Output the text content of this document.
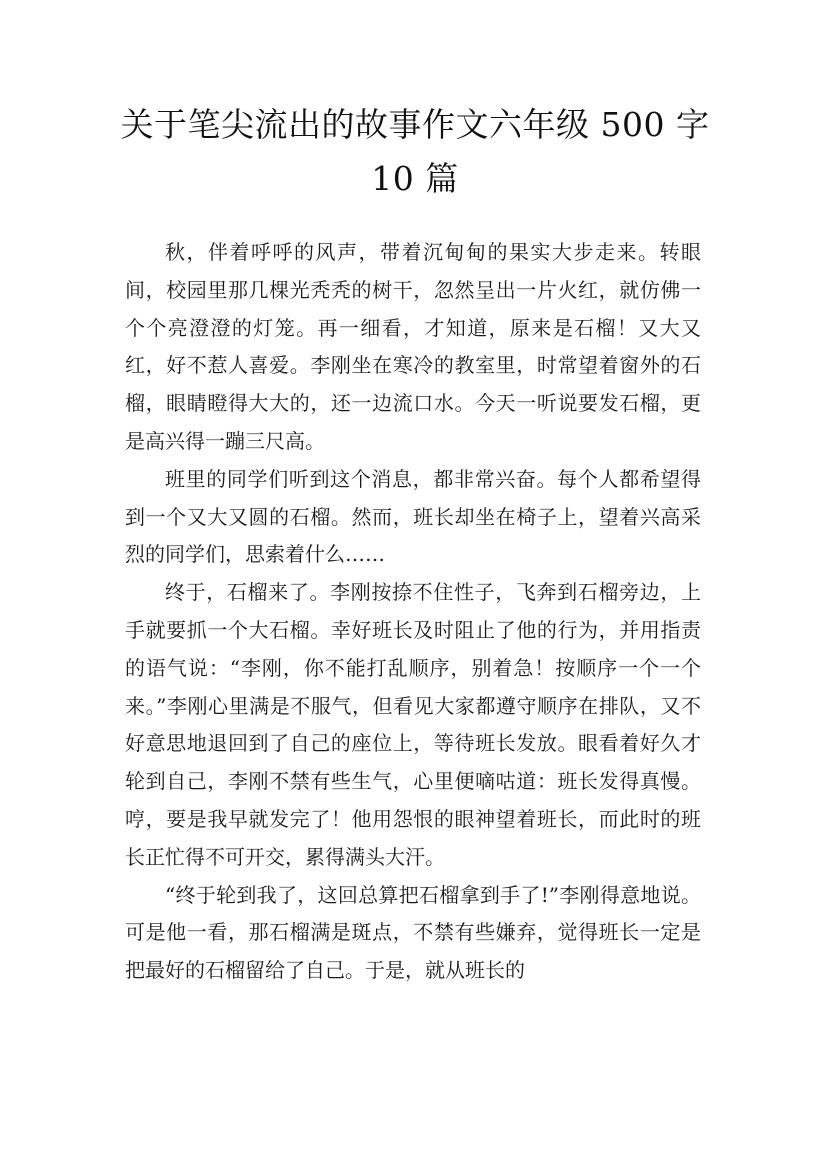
关于笔尖流出的故事作文六年级 500 字 10 篇

秋，伴着呼呼的风声，带着沉甸甸的果实大步走来。转眼间，校园里那几棵光秃秃的树干，忽然呈出一片火红，就仿佛一个个亮澄澄的灯笼。再一细看，才知道，原来是石榴！又大又红，好不惹人喜爱。李刚坐在寒冷的教室里，时常望着窗外的石榴，眼睛瞪得大大的，还一边流口水。今天一听说要发石榴，更是高兴得一蹦三尺高。

班里的同学们听到这个消息，都非常兴奋。每个人都希望得到一个又大又圆的石榴。然而，班长却坐在椅子上，望着兴高采烈的同学们，思索着什么……

终于，石榴来了。李刚按捺不住性子，飞奔到石榴旁边，上手就要抓一个大石榴。幸好班长及时阻止了他的行为，并用指责的语气说：“李刚，你不能打乱顺序，别着急！按顺序一个一个来。”李刚心里满是不服气，但看见大家都遵守顺序在排队，又不好意思地退回到了自己的座位上，等待班长发放。眼看着好久才轮到自己，李刚不禁有些生气，心里便嘀咕道：班长发得真慢。哼，要是我早就发完了！他用怨恨的眼神望着班长，而此时的班长正忙得不可开交，累得满头大汗。

“终于轮到我了，这回总算把石榴拿到手了!”李刚得意地说。可是他一看，那石榴满是斑点，不禁有些嫌弃，觉得班长一定是把最好的石榴留给了自己。于是，就从班长的
